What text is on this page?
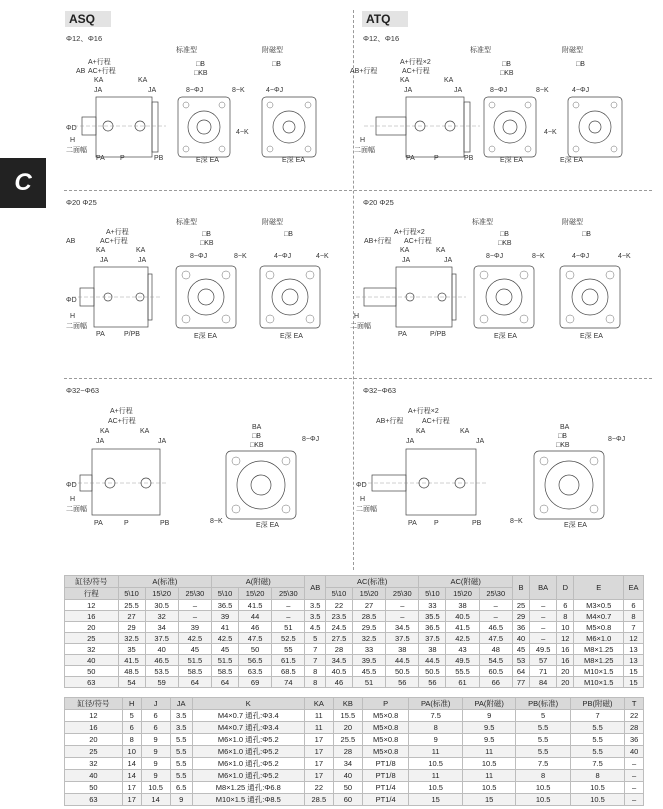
ASQ	ATQ
C
Φ12、Φ16	Φ12、Φ16
Φ20 Φ25	Φ20 Φ25
Φ32~Φ63	Φ32~Φ63
标准型	附磁型
A+行程
AB AC+行程
KA	KA
JA	JA
ΦD
H
二面幅
PA P	PB
□B
□KB
8−ΦJ	8−K
E深 EA
□B
4−ΦJ
4−K
E深 EA
标准型	附磁型
A+行程×2
AB+行程	AC+行程
KA	KA
JA	JA
H
二面幅
PA	P	PB
□B
□KB
8−ΦJ	8−K
E深 EA
□B
4−ΦJ
4−K
E深 EA
标准型	附磁型
A+行程
AB	AC+行程
KA	KA
JA	JA
ΦD
H
二面幅
PA	P/PB
□B
□KB
8−ΦJ	8−K
E深 EA
□B
4−ΦJ	4−K
E深 EA
标准型	附磁型
A+行程×2
AB+行程 AC+行程
KA	KA
JA	JA
H
二面幅
PA	P/PB
□B
□KB
8−ΦJ	8−K
E深 EA
□B
4−ΦJ	4−K
E深 EA
A+行程
AC+行程
KA	KA
JA	JA
ΦD
H
二面幅
PA	P	PB
BA
□B
□KB
8−ΦJ
8−K
E深 EA
A+行程×2
AB+行程	AC+行程
KA	KA
JA	JA
ΦD
H
二面幅
PA P	PB
BA
□B
□KB
8−ΦJ
8−K
E深 EA
缸径/符号	A(标准)			A(附磁)			AB	AC(标准)			AC(附磁)			B	BA	D	E	EA
行程	5\10	15\20	25\30	5\10	15\20	25\30		5\10	15\20	25\30	5\10	15\20	25\30					
12	25.5	30.5	–	36.5	41.5	–	3.5	22	27	–	33	38	–	25	–	6	M3×0.5	6
16	27	32	–	39	44	–	3.5	23.5	28.5	–	35.5	40.5	–	29	–	8	M4×0.7	8
20	29	34	39	41	46	51	4.5	24.5	29.5	34.5	36.5	41.5	46.5	36	–	10	M5×0.8	7
25	32.5	37.5	42.5	42.5	47.5	52.5	5	27.5	32.5	37.5	37.5	42.5	47.5	40	–	12	M6×1.0	12
32	35	40	45	45	50	55	7	28	33	38	38	43	48	45	49.5	16	M8×1.25	13
40	41.5	46.5	51.5	51.5	56.5	61.5	7	34.5	39.5	44.5	44.5	49.5	54.5	53	57	16	M8×1.25	13
50	48.5	53.5	58.5	58.5	63.5	68.5	8	40.5	45.5	50.5	50.5	55.5	60.5	64	71	20	M10×1.5	15
63	54	59	64	64	69	74	8	46	51	56	56	61	66	77	84	20	M10×1.5	15
缸径/符号	H	J	JA	K	KA	KB	P	PA(标准)	PA(附磁)	PB(标准)	PB(附磁)	T
12	5	6	3.5	M4×0.7 通孔:Φ3.4	11	15.5	M5×0.8	7.5	9	5	7	22
16	6	6	3.5	M4×0.7 通孔:Φ3.4	11	20	M5×0.8	8	9.5	5.5	5.5	28
20	8	9	5.5	M6×1.0 通孔:Φ5.2	17	25.5	M5×0.8	9	9.5	5.5	5.5	36
25	10	9	5.5	M6×1.0 通孔:Φ5.2	17	28	M5×0.8	11	11	5.5	5.5	40
32	14	9	5.5	M6×1.0 通孔:Φ5.2	17	34	PT1/8	10.5	10.5	7.5	7.5	–
40	14	9	5.5	M6×1.0 通孔:Φ5.2	17	40	PT1/8	11	11	8	8	–
50	17	10.5	6.5	M8×1.25 通孔:Φ6.8	22	50	PT1/4	10.5	10.5	10.5	10.5	–
63	17	14	9	M10×1.5 通孔:Φ8.5	28.5	60	PT1/4	15	15	10.5	10.5	–
